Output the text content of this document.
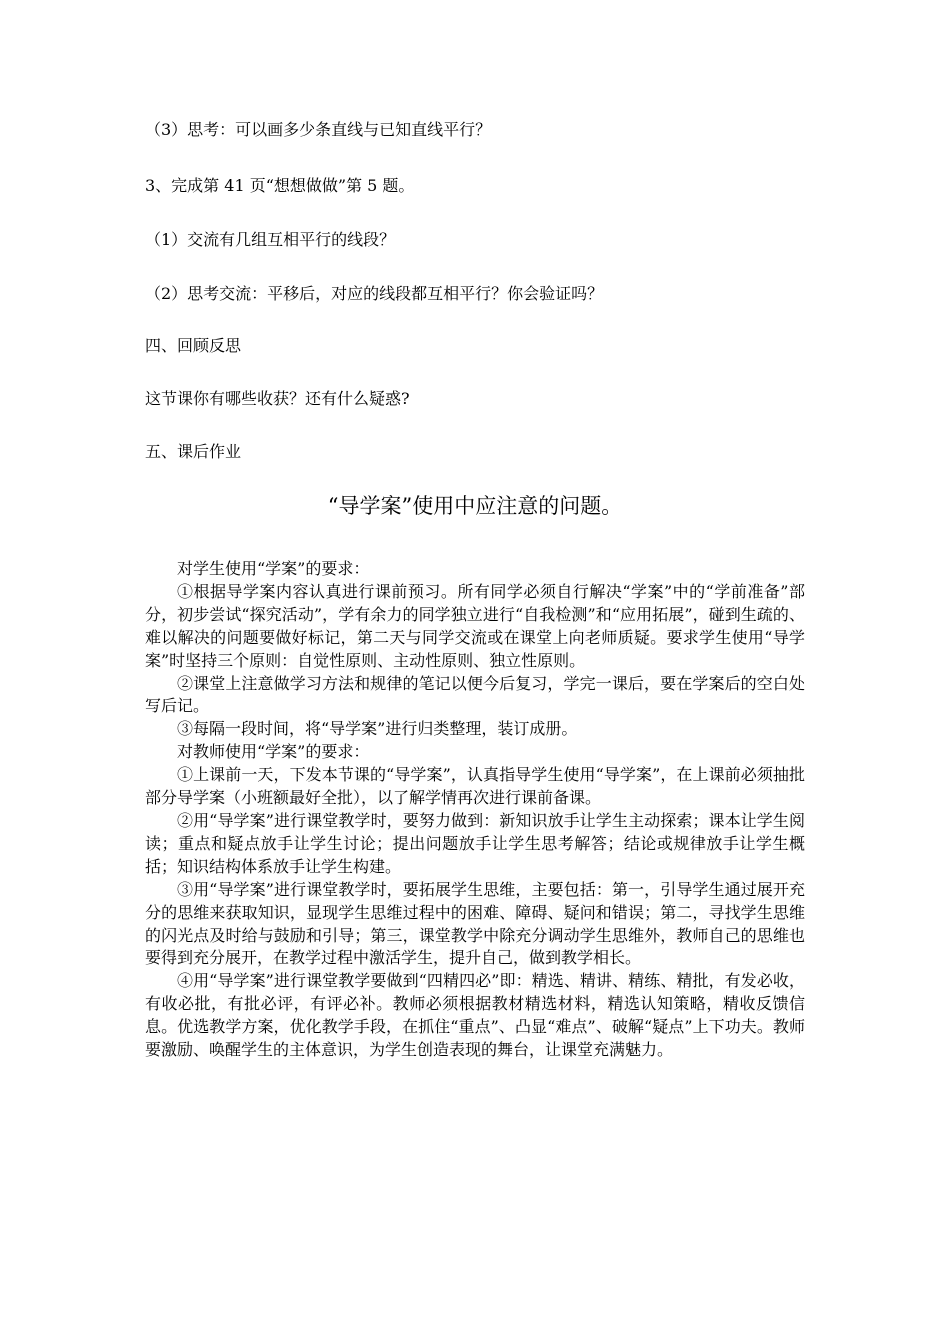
（3）思考：可以画多少条直线与已知直线平行？
3、完成第 41 页“想想做做”第 5 题。
（1）交流有几组互相平行的线段？
（2）思考交流：平移后，对应的线段都互相平行？你会验证吗？
四、回顾反思
这节课你有哪些收获？还有什么疑惑?
五、课后作业
“导学案”使用中应注意的问题。

对学生使用“学案”的要求：

①根据导学案内容认真进行课前预习。所有同学必须自行解决“学案”中的“学前准备”部分，初步尝试“探究活动”，学有余力的同学独立进行“自我检测”和“应用拓展”，碰到生疏的、难以解决的问题要做好标记，第二天与同学交流或在课堂上向老师质疑。要求学生使用“导学案”时坚持三个原则：自觉性原则、主动性原则、独立性原则。

②课堂上注意做学习方法和规律的笔记以便今后复习，学完一课后，要在学案后的空白处写后记。

③每隔一段时间，将“导学案”进行归类整理，装订成册。

对教师使用“学案”的要求：

①上课前一天，下发本节课的“导学案”，认真指导学生使用“导学案”，在上课前必须抽批部分导学案（小班额最好全批），以了解学情再次进行课前备课。

②用“导学案”进行课堂教学时，要努力做到：新知识放手让学生主动探索；课本让学生阅读；重点和疑点放手让学生讨论；提出问题放手让学生思考解答；结论或规律放手让学生概括；知识结构体系放手让学生构建。

③用“导学案”进行课堂教学时，要拓展学生思维，主要包括：第一，引导学生通过展开充分的思维来获取知识，显现学生思维过程中的困难、障碍、疑问和错误；第二，寻找学生思维的闪光点及时给与鼓励和引导；第三，课堂教学中除充分调动学生思维外，教师自己的思维也要得到充分展开，在教学过程中激活学生，提升自己，做到教学相长。

④用“导学案”进行课堂教学要做到“四精四必”即：精选、精讲、精练、精批，有发必收，有收必批，有批必评，有评必补。教师必须根据教材精选材料，精选认知策略，精收反馈信息。优选教学方案，优化教学手段，在抓住“重点”、凸显“难点”、破解“疑点”上下功夫。教师要激励、唤醒学生的主体意识，为学生创造表现的舞台，让课堂充满魅力。
